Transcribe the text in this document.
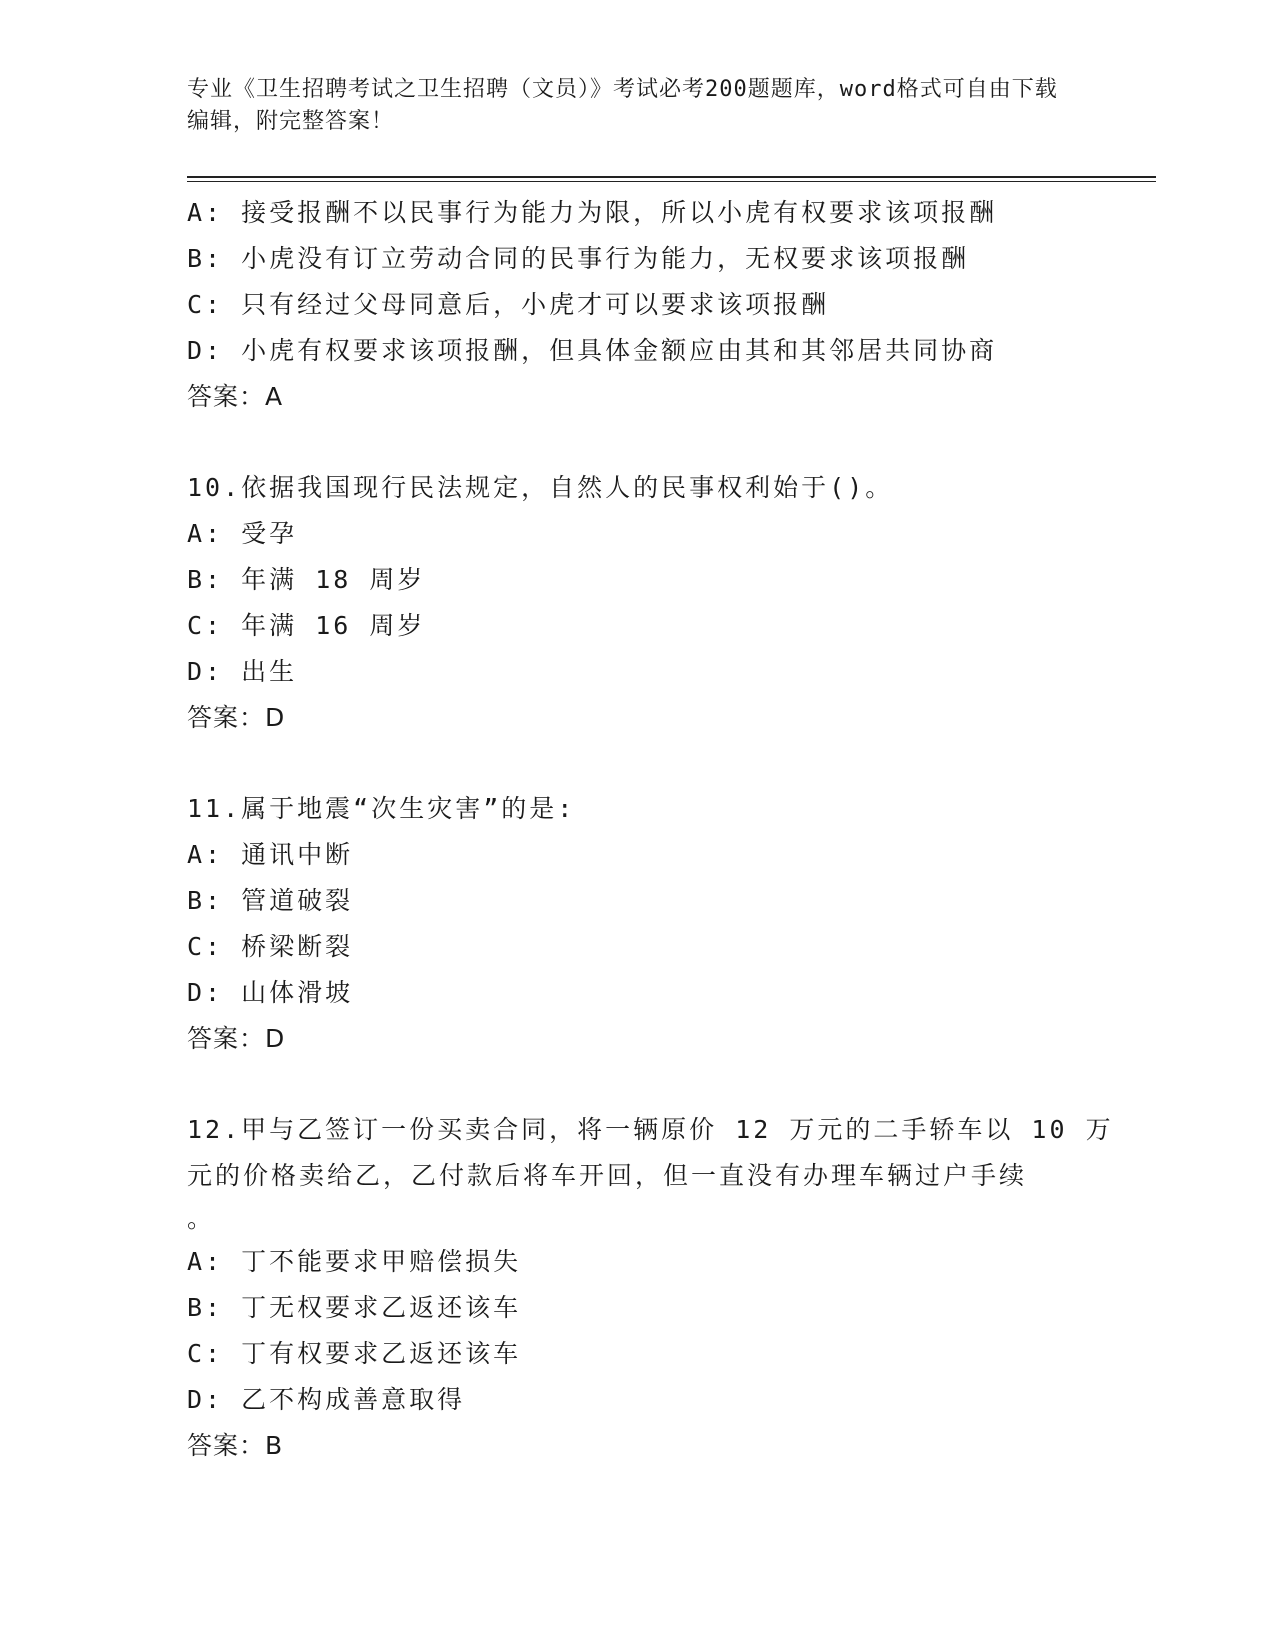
专业《卫生招聘考试之卫生招聘（文员）》考试必考200题题库，word格式可自由下载编辑，附完整答案！
A: 接受报酬不以民事行为能力为限，所以小虎有权要求该项报酬
B: 小虎没有订立劳动合同的民事行为能力，无权要求该项报酬
C: 只有经过父母同意后，小虎才可以要求该项报酬
D: 小虎有权要求该项报酬，但具体金额应由其和其邻居共同协商
答案：A
10.依据我国现行民法规定，自然人的民事权利始于()。
A: 受孕
B: 年满 18 周岁
C: 年满 16 周岁
D: 出生
答案：D
11.属于地震“次生灾害”的是:
A: 通讯中断
B: 管道破裂
C: 桥梁断裂
D: 山体滑坡
答案：D
12.甲与乙签订一份买卖合同，将一辆原价 12 万元的二手轿车以 10 万
元的价格卖给乙，乙付款后将车开回，但一直没有办理车辆过户手续
。
A: 丁不能要求甲赔偿损失
B: 丁无权要求乙返还该车
C: 丁有权要求乙返还该车
D: 乙不构成善意取得
答案：B
